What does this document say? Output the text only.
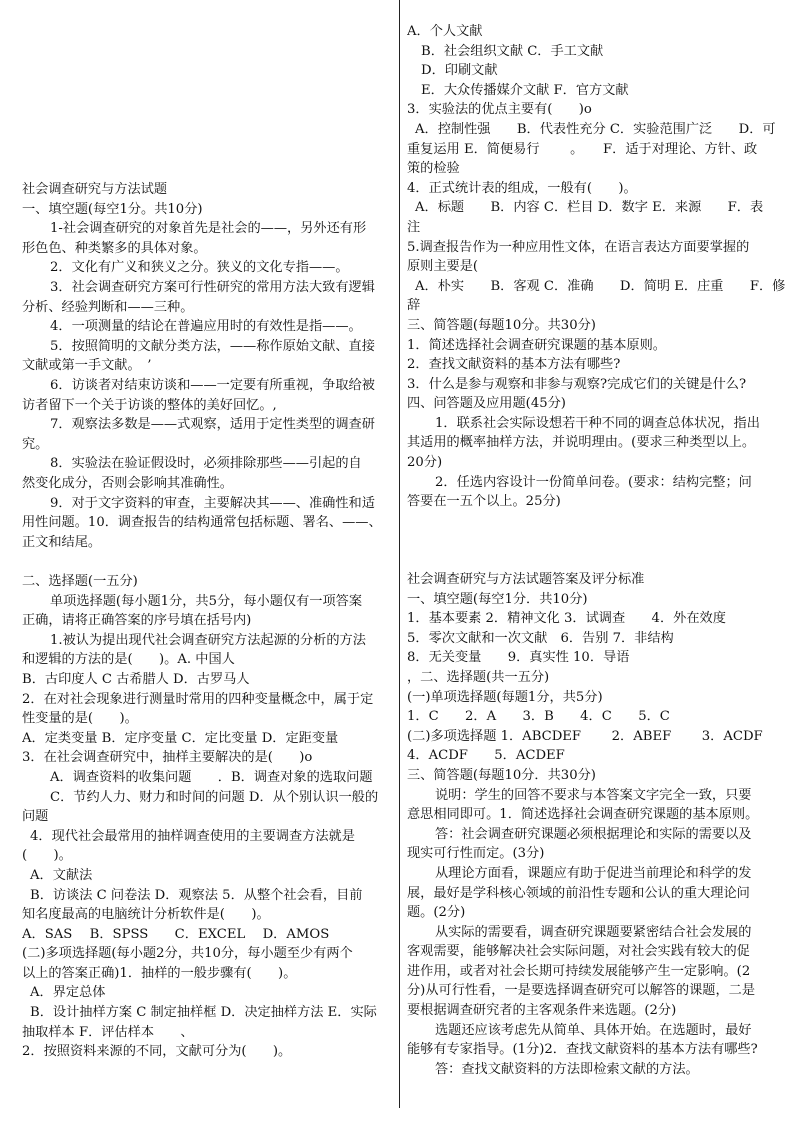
社会调查研究与方法试题
一、填空题(每空1分。共10分)
1-社会调查研究的对象首先是社会的——，另外还有形
形色色、种类繁多的具体对象。
2．文化有广义和狭义之分。狭义的文化专指——。
3．社会调查研究方案可行性研究的常用方法大致有逻辑
分析、经验判断和——三种。
4．一项测量的结论在普遍应用时的有效性是指——。
5．按照简明的文献分类方法，——称作原始文献、直接
文献或第一手文献。　’
6．访谈者对结束访谈和——一定要有所重视，争取给被
访者留下一个关于访谈的整体的美好回忆。,
7．观察法多数是——式观察，适用于定性类型的调查研
究。
8．实验法在验证假设时，必须排除那些——引起的自
然变化成分，否则会影响其准确性。
9．对于文字资料的审查，主要解决其——、准确性和适
用性问题。10．调查报告的结构通常包括标题、署名、——、
正文和结尾。
二、选择题(一五分)
单项选择题(每小题1分，共5分，每小题仅有一项答案
正确，请将正确答案的序号填在括号内)
1.被认为提出现代社会调查研究方法起源的分析的方法
和逻辑的方法的是(　　)。A. 中国人
B．古印度人 C 古希腊人 D．古罗马人
2．在对社会现象进行测量时常用的四种变量概念中，属于定
性变量的是(　　)。
A．定类变量 B．定序变量 C．定比变量 D．定距变量
3．在社会调查研究中，抽样主要解决的是(　　)o
A．调查资料的收集问题　　．B．调查对象的选取问题
C．节约人力、财力和时间的问题 D．从个别认识一般的
问题
4．现代社会最常用的抽样调查使用的主要调查方法就是
(　　)。
A．文献法
B．访谈法 C 问卷法 D．观察法 5．从整个社会看，目前
知名度最高的电脑统计分析软件是(　　)。
A．SAS　 B．SPSS　　C．EXCEL　 D．AMOS
(二)多项选择题(每小题2分，共10分，每小题至少有两个
以上的答案正确)1．抽样的一般步骤有(　　)。
A．界定总体
B．设计抽样方案 C 制定抽样框 D．决定抽样方法 E．实际
抽取样本 F．评估样本　　、
2．按照资料来源的不同，文献可分为(　　)。
A．个人文献
B．社会组织文献 C．手工文献
D．印刷文献
E．大众传播媒介文献 F．官方文献
3．实验法的优点主要有(　　)o
A．控制性强　　B．代表性充分 C．实验范围广泛　　D．可
重复运用 E．简便易行　　 。　　F．适于对理论、方针、政
策的检验
4．正式统计表的组成，一般有(　　)。
A．标题　　B．内容 C．栏目 D．数字 E．来源　　F．表
注
5.调查报告作为一种应用性文体，在语言表达方面要掌握的
原则主要是(
A．朴实　　B．客观 C．准确　　D．简明 E．庄重　　F．修
辞
三、简答题(每题10分。共30分)
1．简述选择社会调查研究课题的基本原则。
2．查找文献资料的基本方法有哪些?
3．什么是参与观察和非参与观察?完成它们的关键是什么?
四、问答题及应用题(45分)
1．联系社会实际设想若干种不同的调查总体状况，指出
其适用的概率抽样方法，并说明理由。(要求三种类型以上。
20分)
2．任选内容设计一份简单问卷。(要求：结构完整；问
答要在一五个以上。25分)
社会调查研究与方法试题答案及评分标准
一、填空题(每空1分．共10分)
1．基本要素 2．精神文化 3．试调查　　4．外在效度
5．零次文献和一次文献　6．告别 7．非结构
8．无关变量　　9．真实性 10．导语
，二、选择题(共一五分)
(一)单项选择题(每题1分，共5分)
1．C　　2．A　　3．B　　4．C　　5．C
(二)多项选择题 1．ABCDEF　　 2．ABEF　　 3．ACDF
4．ACDF　　5．ACDEF
三、简答题(每题10分．共30分)
说明：学生的回答不要求与本答案文字完全一致，只要
意思相同即可。1．简述选择社会调查研究课题的基本原则。
答：社会调查研究课题必须根据理论和实际的需要以及
现实可行性而定。(3分)
从理论方面看，课题应有助于促进当前理论和科学的发
展，最好是学科核心领域的前沿性专题和公认的重大理论问
题。(2分)
从实际的需要看，调查研究课题要紧密结合社会发展的
客观需要，能够解决社会实际问题，对社会实践有较大的促
进作用，或者对社会长期可持续发展能够产生一定影响。(2
分)从可行性看，一是要选择调查研究可以解答的课题，二是
要根据调查研究者的主客观条件来选题。(2分)
选题还应该考虑先从简单、具体开始。在选题时，最好
能够有专家指导。(1分)2．查找文献资料的基本方法有哪些?
答：查找文献资料的方法即检索文献的方法。
